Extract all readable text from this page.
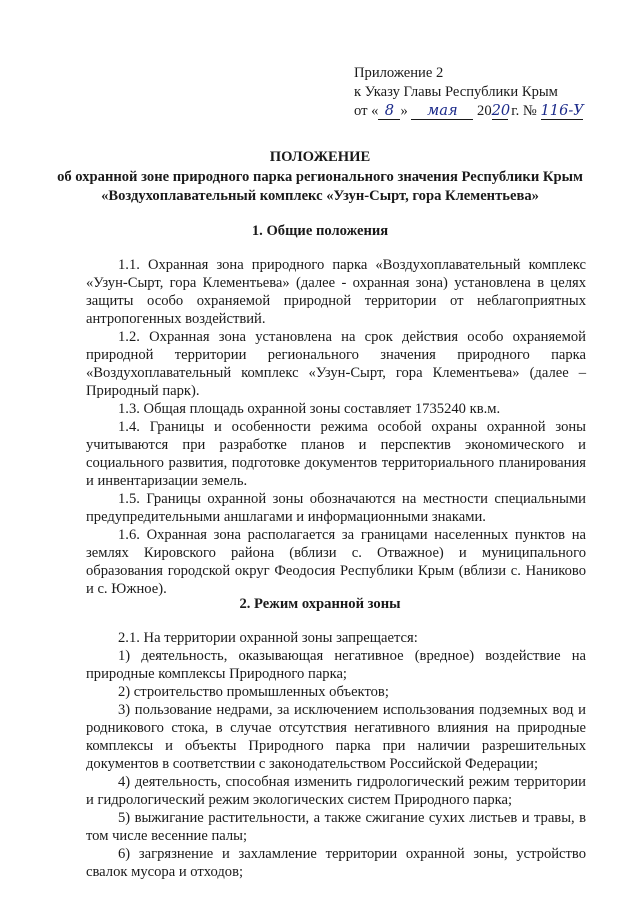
Приложение 2
к Указу Главы Республики Крым
от « 8 » мая 2020 г. № 116-У
ПОЛОЖЕНИЕ
об охранной зоне природного парка регионального значения Республики Крым «Воздухоплавательный комплекс «Узун-Сырт, гора Клементьева»
1. Общие положения

1.1. Охранная зона природного парка «Воздухоплавательный комплекс «Узун-Сырт, гора Клементьева» (далее - охранная зона) установлена в целях защиты особо охраняемой природной территории от неблагоприятных антропогенных воздействий.

1.2. Охранная зона установлена на срок действия особо охраняемой природной территории регионального значения природного парка «Воздухоплавательный комплекс «Узун-Сырт, гора Клементьева» (далее – Природный парк).

1.3. Общая площадь охранной зоны составляет 1735240 кв.м.

1.4. Границы и особенности режима особой охраны охранной зоны учитываются при разработке планов и перспектив экономического и социального развития, подготовке документов территориального планирования и инвентаризации земель.

1.5. Границы охранной зоны обозначаются на местности специальными предупредительными аншлагами и информационными знаками.

1.6. Охранная зона располагается за границами населенных пунктов на землях Кировского района (вблизи с. Отважное) и муниципального образования городской округ Феодосия Республики Крым (вблизи с. Наниково и с. Южное).

2. Режим охранной зоны

2.1. На территории охранной зоны запрещается:

1) деятельность, оказывающая негативное (вредное) воздействие на природные комплексы Природного парка;

2) строительство промышленных объектов;

3) пользование недрами, за исключением использования подземных вод и родникового стока, в случае отсутствия негативного влияния на природные комплексы и объекты Природного парка при наличии разрешительных документов в соответствии с законодательством Российской Федерации;

4) деятельность, способная изменить гидрологический режим территории и гидрологический режим экологических систем Природного парка;

5) выжигание растительности, а также сжигание сухих листьев и травы, в том числе весенние палы;

6) загрязнение и захламление территории охранной зоны, устройство свалок мусора и отходов;
